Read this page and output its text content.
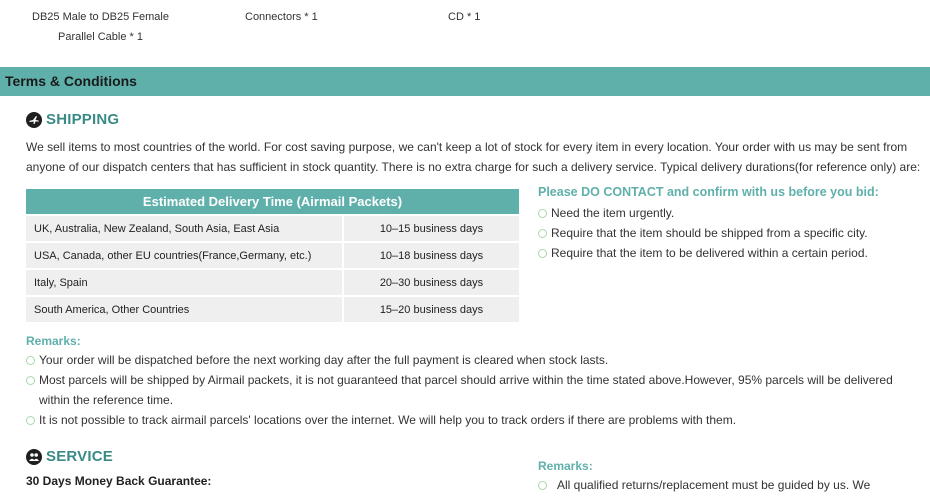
DB25 Male to DB25 Female
Parallel Cable * 1
Connectors * 1	CD * 1
Terms & Conditions
SHIPPING
We sell items to most countries of the world. For cost saving purpose, we can't keep a lot of stock for every item in every location. Your order with us may be sent from anyone of our dispatch centers that has sufficient in stock quantity. There is no extra charge for such a delivery service. Typical delivery durations(for reference only) are:
Estimated Delivery Time (Airmail Packets)	
UK, Australia, New Zealand, South Asia, East Asia	10–15 business days
USA, Canada, other EU countries(France,Germany, etc.)	10–18 business days
Italy, Spain	20–30 business days
South America, Other Countries	15–20 business days
Please DO CONTACT and confirm with us before you bid:
Need the item urgently.
Require that the item should be shipped from a specific city.
Require that the item to be delivered within a certain period.
Remarks:
Your order will be dispatched before the next working day after the full payment is cleared when stock lasts.
Most parcels will be shipped by Airmail packets, it is not guaranteed that parcel should arrive within the time stated above.However, 95% parcels will be delivered within the reference time.
It is not possible to track airmail parcels' locations over the internet. We will help you to track orders if there are problems with them.
SERVICE
30 Days Money Back Guarantee:
Remarks:
All qualified returns/replacement must be guided by us. We
